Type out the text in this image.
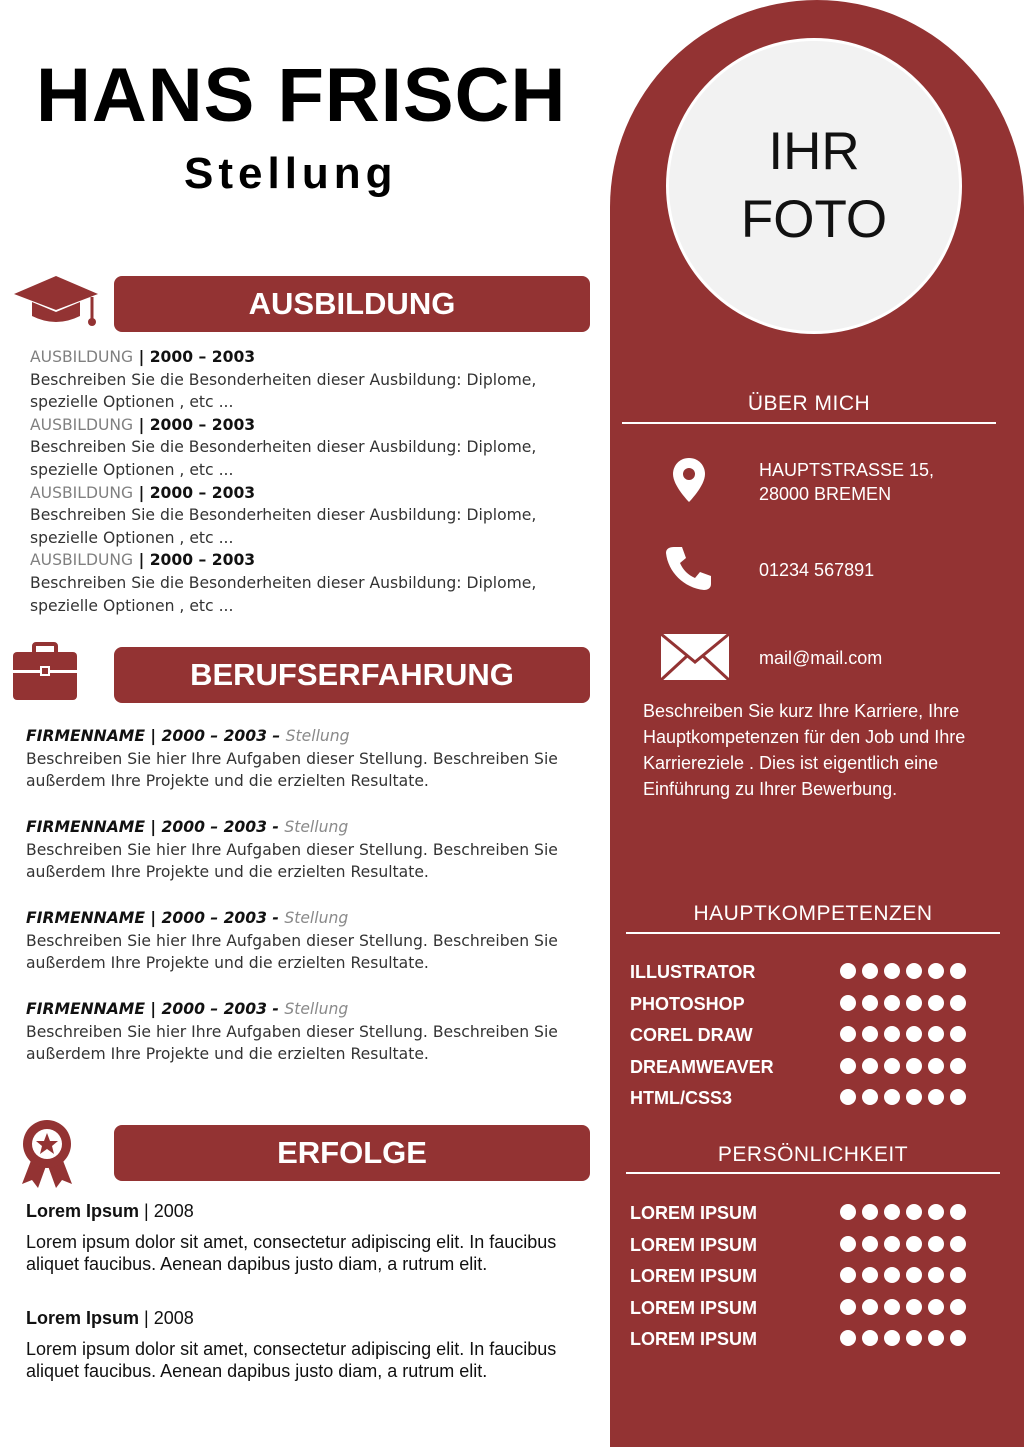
HANS FRISCH
Stellung
AUSBILDUNG
AUSBILDUNG | 2000 – 2003
Beschreiben Sie die Besonderheiten dieser Ausbildung: Diplome, spezielle Optionen , etc ...
AUSBILDUNG | 2000 – 2003
Beschreiben Sie die Besonderheiten dieser Ausbildung: Diplome, spezielle Optionen , etc ...
AUSBILDUNG | 2000 – 2003
Beschreiben Sie die Besonderheiten dieser Ausbildung: Diplome, spezielle Optionen , etc ...
AUSBILDUNG | 2000 – 2003
Beschreiben Sie die Besonderheiten dieser Ausbildung: Diplome, spezielle Optionen , etc ...
BERUFSERFAHRUNG
FIRMENNAME | 2000 – 2003 – Stellung
Beschreiben Sie hier Ihre Aufgaben dieser Stellung. Beschreiben Sie außerdem Ihre Projekte und die erzielten Resultate.
FIRMENNAME | 2000 – 2003 - Stellung
Beschreiben Sie hier Ihre Aufgaben dieser Stellung. Beschreiben Sie außerdem Ihre Projekte und die erzielten Resultate.
FIRMENNAME | 2000 – 2003 - Stellung
Beschreiben Sie hier Ihre Aufgaben dieser Stellung. Beschreiben Sie außerdem Ihre Projekte und die erzielten Resultate.
FIRMENNAME | 2000 – 2003 - Stellung
Beschreiben Sie hier Ihre Aufgaben dieser Stellung. Beschreiben Sie außerdem Ihre Projekte und die erzielten Resultate.
ERFOLGE
Lorem Ipsum | 2008
Lorem ipsum dolor sit amet, consectetur adipiscing elit. In faucibus aliquet faucibus. Aenean dapibus justo diam, a rutrum elit.
Lorem Ipsum | 2008
Lorem ipsum dolor sit amet, consectetur adipiscing elit. In faucibus aliquet faucibus. Aenean dapibus justo diam, a rutrum elit.
IHR
FOTO
ÜBER MICH
HAUPTSTRASSE 15,
28000 BREMEN
01234 567891
mail@mail.com
Beschreiben Sie kurz Ihre Karriere, Ihre Hauptkompetenzen für den Job und Ihre Karriereziele . Dies ist eigentlich eine Einführung zu Ihrer Bewerbung.
HAUPTKOMPETENZEN
ILLUSTRATOR
PHOTOSHOP
COREL DRAW
DREAMWEAVER
HTML/CSS3
PERSÖNLICHKEIT
LOREM IPSUM
LOREM IPSUM
LOREM IPSUM
LOREM IPSUM
LOREM IPSUM
